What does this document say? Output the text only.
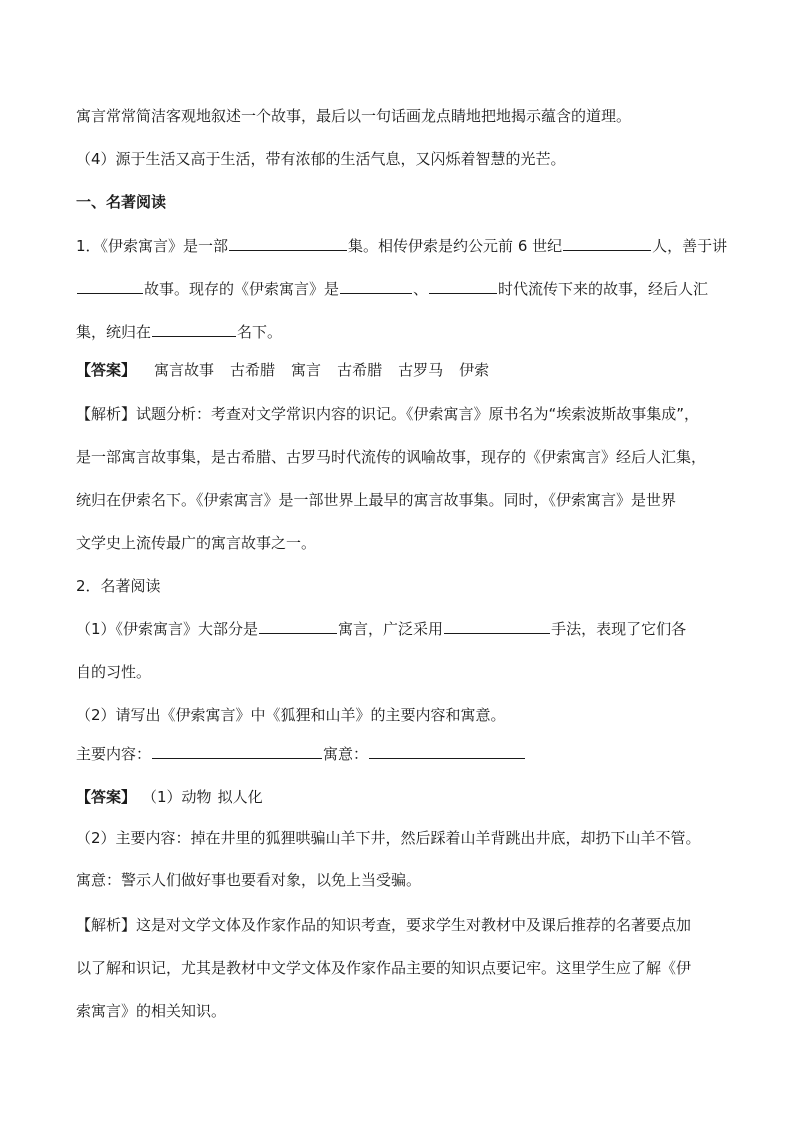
寓言常常简洁客观地叙述一个故事，最后以一句话画龙点睛地把地揭示蕴含的道理。
（4）源于生活又高于生活，带有浓郁的生活气息，又闪烁着智慧的光芒。
一、名著阅读
1．《伊索寓言》是一部	集。相传伊索是约公元前 6 世纪	人，善于讲
故事。现存的《伊索寓言》是	、	时代流传下来的故事，经后人汇
集，统归在	名下。
【答案】 寓言故事 古希腊 寓言 古希腊 古罗马 伊索
【解析】试题分析：考查对文学常识内容的识记。《伊索寓言》原书名为“埃索波斯故事集成”，
是一部寓言故事集，是古希腊、古罗马时代流传的讽喻故事，现存的《伊索寓言》经后人汇集，
统归在伊索名下。《伊索寓言》是一部世界上最早的寓言故事集。同时，《伊索寓言》是世界
文学史上流传最广的寓言故事之一。
2．名著阅读
（1）《伊索寓言》大部分是	寓言，广泛采用	手法，表现了它们各
自的习性。
（2）请写出《伊索寓言》中《狐狸和山羊》的主要内容和寓意。
主要内容：	寓意：
【答案】 （1）动物 拟人化
（2）主要内容：掉在井里的狐狸哄骗山羊下井，然后踩着山羊背跳出井底，却扔下山羊不管。
寓意：警示人们做好事也要看对象，以免上当受骗。
【解析】这是对文学文体及作家作品的知识考查，要求学生对教材中及课后推荐的名著要点加
以了解和识记，尤其是教材中文学文体及作家作品主要的知识点要记牢。这里学生应了解《伊
索寓言》的相关知识。
